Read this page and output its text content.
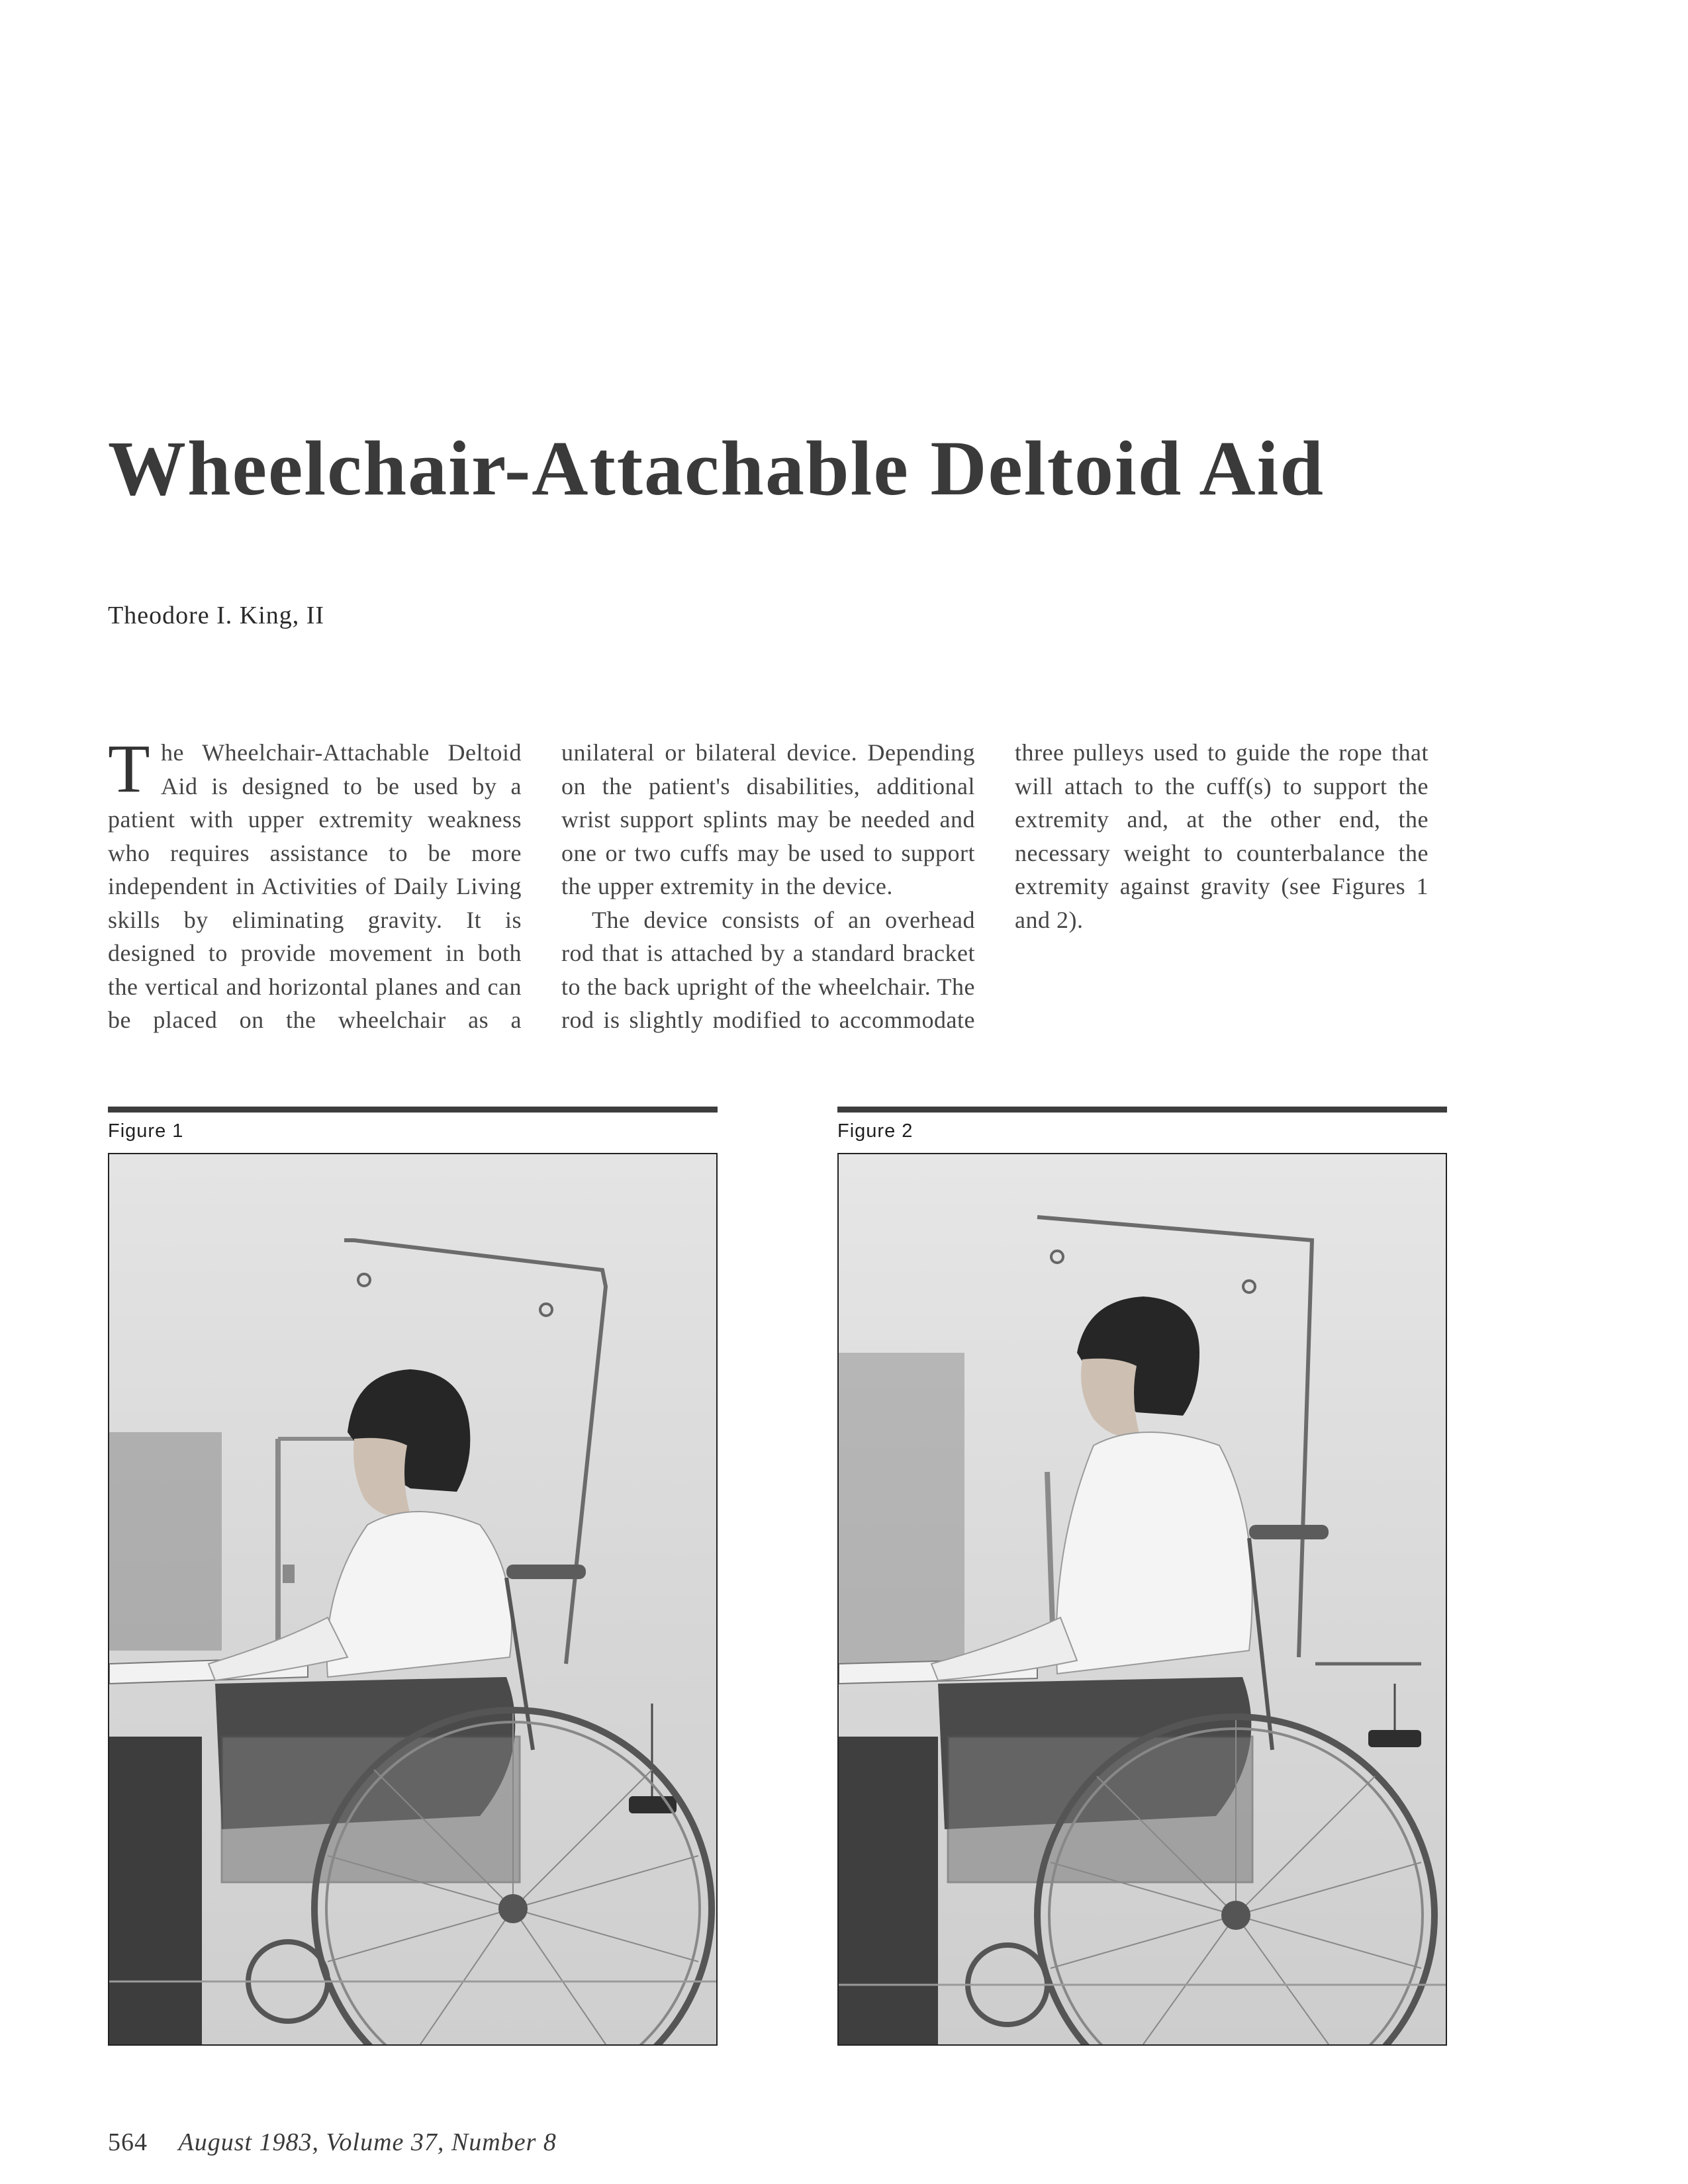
Wheelchair-Attachable Deltoid Aid
Theodore I. King, II

The Wheelchair-Attachable Deltoid Aid is designed to be used by a patient with upper extremity weakness who requires assistance to be more independent in Activities of Daily Living skills by eliminating gravity. It is designed to provide movement in both the vertical and horizontal planes and can be placed on the wheelchair as a unilateral or bilateral device. Depending on the patient's disabilities, additional wrist support splints may be needed and one or two cuffs may be used to support the upper extremity in the device.

The device consists of an overhead rod that is attached by a standard bracket to the back upright of the wheelchair. The rod is slightly modified to accommodate three pulleys used to guide the rope that will attach to the cuff(s) to support the extremity and, at the other end, the necessary weight to counterbalance the extremity against gravity (see Figures 1 and 2).

Figure 1	Figure 2
564 August 1983, Volume 37, Number 8
